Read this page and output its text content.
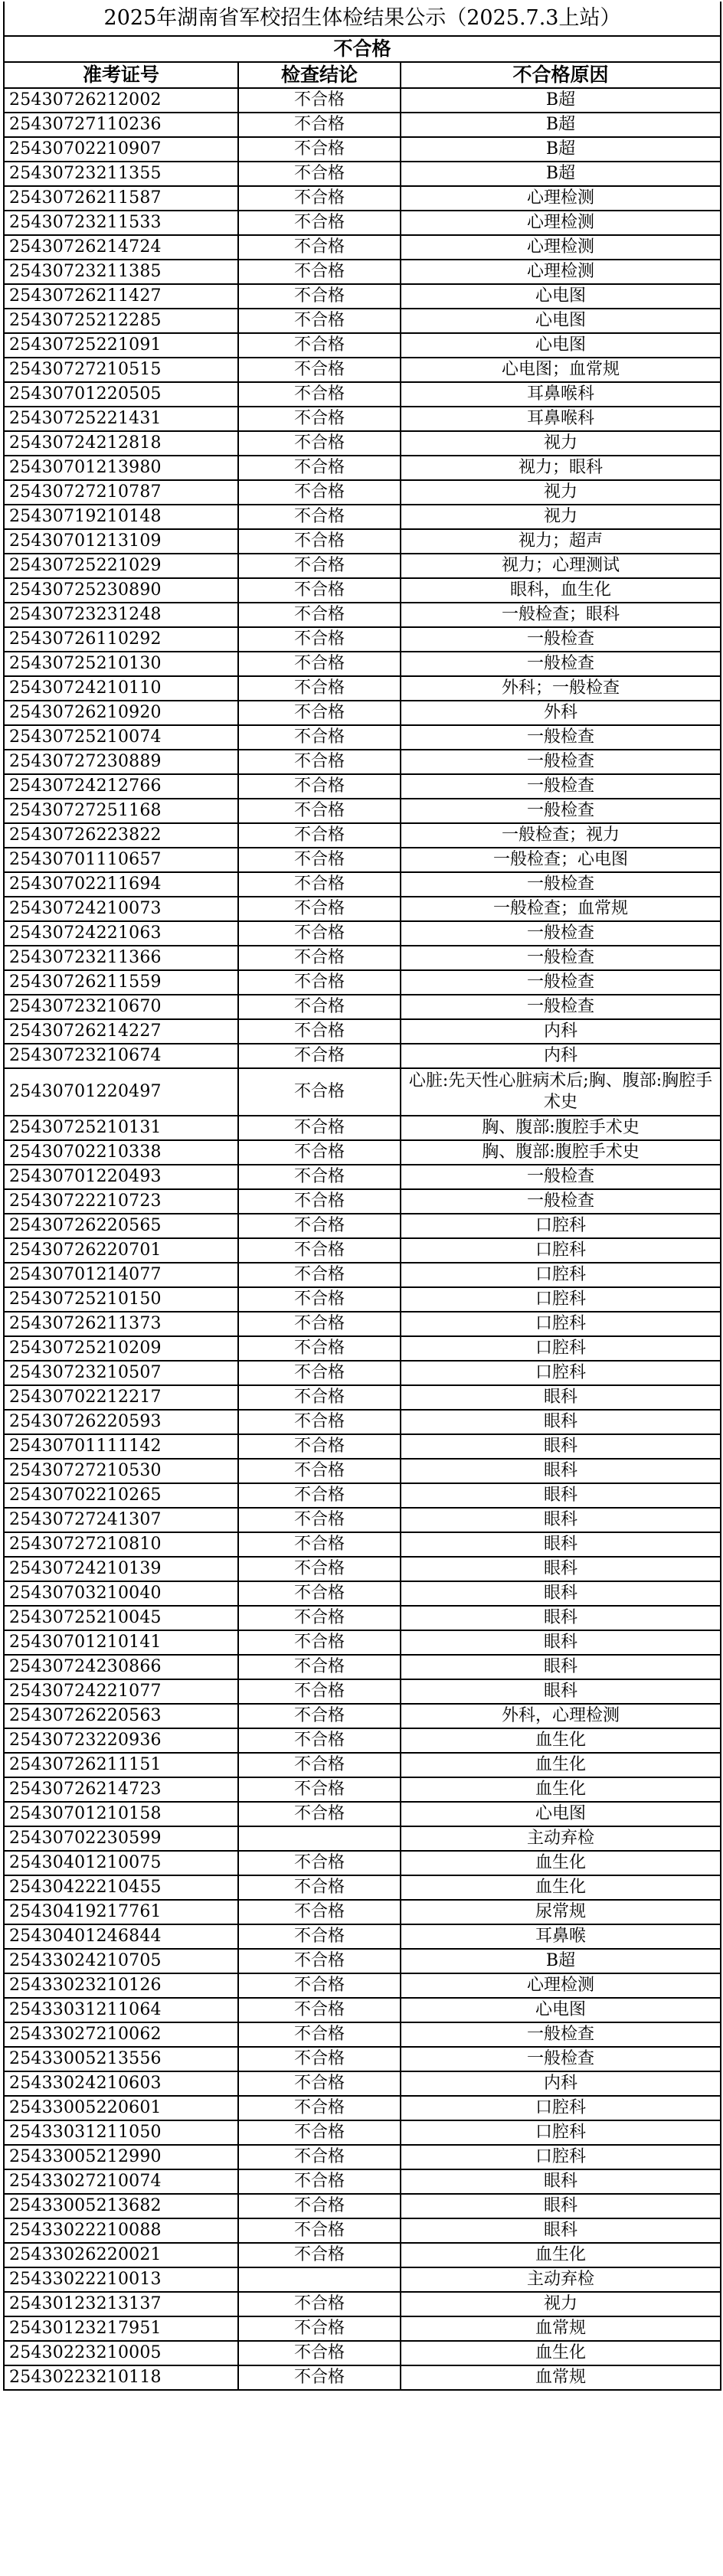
2025年湖南省军校招生体检结果公示（2025.7.3上站）		
不合格		
准考证号	检查结论	不合格原因
25430726212002	不合格	B超
25430727110236	不合格	B超
25430702210907	不合格	B超
25430723211355	不合格	B超
25430726211587	不合格	心理检测
25430723211533	不合格	心理检测
25430726214724	不合格	心理检测
25430723211385	不合格	心理检测
25430726211427	不合格	心电图
25430725212285	不合格	心电图
25430725221091	不合格	心电图
25430727210515	不合格	心电图；血常规
25430701220505	不合格	耳鼻喉科
25430725221431	不合格	耳鼻喉科
25430724212818	不合格	视力
25430701213980	不合格	视力；眼科
25430727210787	不合格	视力
25430719210148	不合格	视力
25430701213109	不合格	视力；超声
25430725221029	不合格	视力；心理测试
25430725230890	不合格	眼科，血生化
25430723231248	不合格	一般检查；眼科
25430726110292	不合格	一般检查
25430725210130	不合格	一般检查
25430724210110	不合格	外科；一般检查
25430726210920	不合格	外科
25430725210074	不合格	一般检查
25430727230889	不合格	一般检查
25430724212766	不合格	一般检查
25430727251168	不合格	一般检查
25430726223822	不合格	一般检查；视力
25430701110657	不合格	一般检查；心电图
25430702211694	不合格	一般检查
25430724210073	不合格	一般检查；血常规
25430724221063	不合格	一般检查
25430723211366	不合格	一般检查
25430726211559	不合格	一般检查
25430723210670	不合格	一般检查
25430726214227	不合格	内科
25430723210674	不合格	内科
25430701220497	不合格	心脏:先天性心脏病术后;胸、腹部:胸腔手术史
25430725210131	不合格	胸、腹部:腹腔手术史
25430702210338	不合格	胸、腹部:腹腔手术史
25430701220493	不合格	一般检查
25430722210723	不合格	一般检查
25430726220565	不合格	口腔科
25430726220701	不合格	口腔科
25430701214077	不合格	口腔科
25430725210150	不合格	口腔科
25430726211373	不合格	口腔科
25430725210209	不合格	口腔科
25430723210507	不合格	口腔科
25430702212217	不合格	眼科
25430726220593	不合格	眼科
25430701111142	不合格	眼科
25430727210530	不合格	眼科
25430702210265	不合格	眼科
25430727241307	不合格	眼科
25430727210810	不合格	眼科
25430724210139	不合格	眼科
25430703210040	不合格	眼科
25430725210045	不合格	眼科
25430701210141	不合格	眼科
25430724230866	不合格	眼科
25430724221077	不合格	眼科
25430726220563	不合格	外科，心理检测
25430723220936	不合格	血生化
25430726211151	不合格	血生化
25430726214723	不合格	血生化
25430701210158	不合格	心电图
25430702230599		主动弃检
25430401210075	不合格	血生化
25430422210455	不合格	血生化
25430419217761	不合格	尿常规
25430401246844	不合格	耳鼻喉
25433024210705	不合格	B超
25433023210126	不合格	心理检测
25433031211064	不合格	心电图
25433027210062	不合格	一般检查
25433005213556	不合格	一般检查
25433024210603	不合格	内科
25433005220601	不合格	口腔科
25433031211050	不合格	口腔科
25433005212990	不合格	口腔科
25433027210074	不合格	眼科
25433005213682	不合格	眼科
25433022210088	不合格	眼科
25433026220021	不合格	血生化
25433022210013		主动弃检
25430123213137	不合格	视力
25430123217951	不合格	血常规
25430223210005	不合格	血生化
25430223210118	不合格	血常规
